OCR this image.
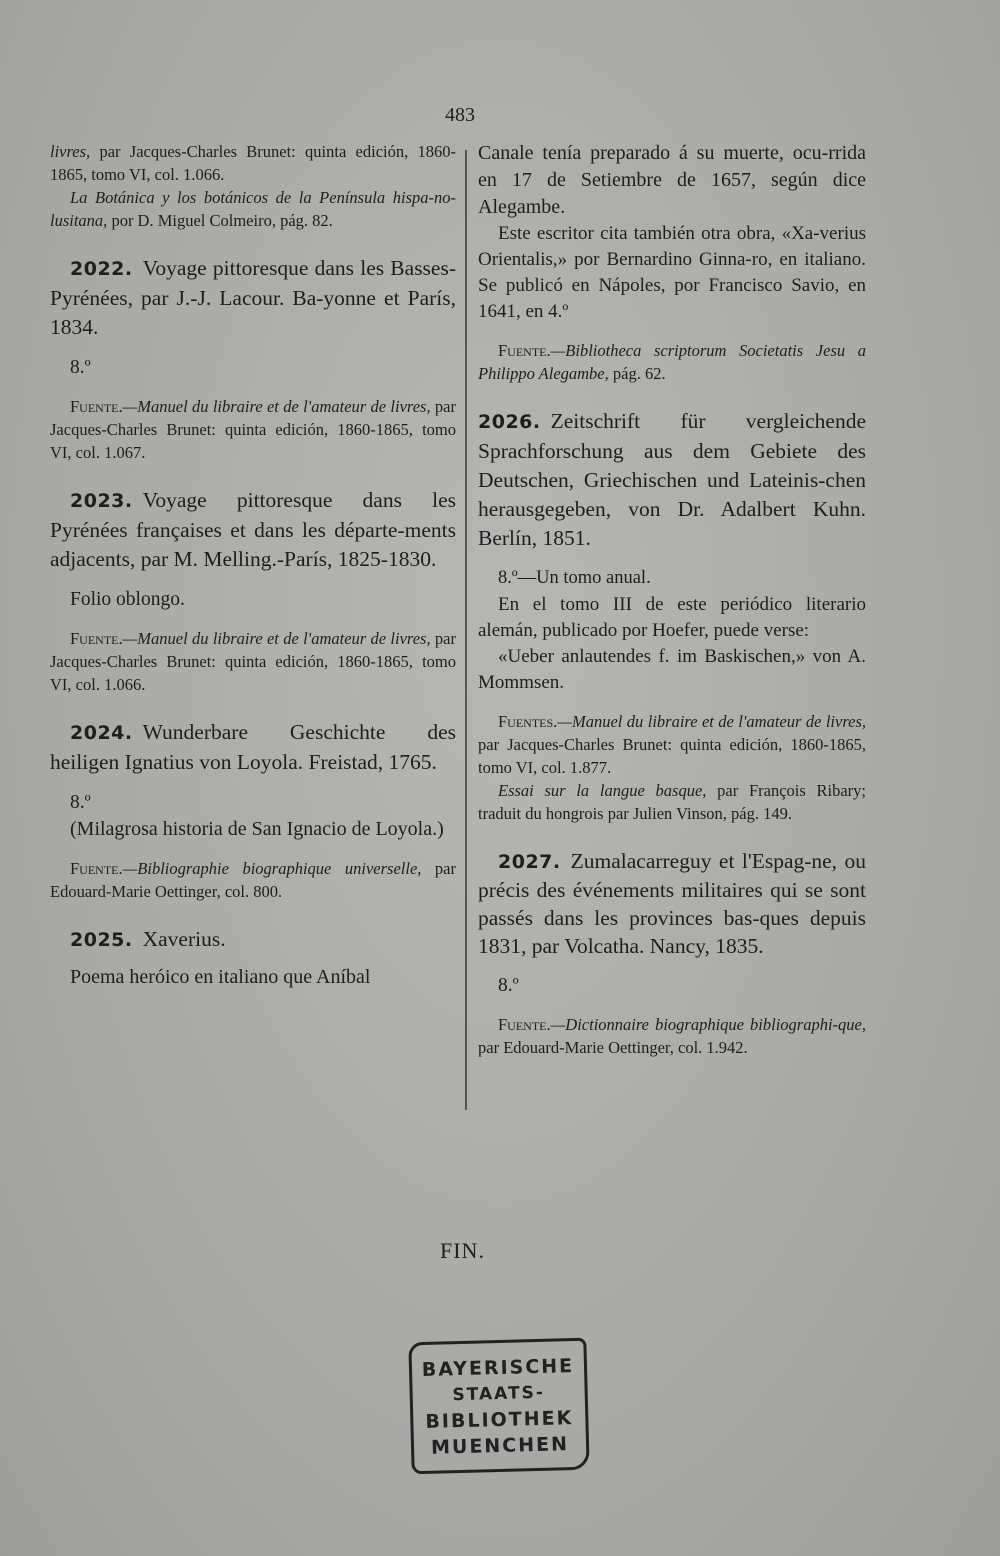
483
livres, par Jacques-Charles Brunet: quinta edición, 1860-1865, tomo VI, col. 1.066.
La Botánica y los botánicos de la Península hispa-no-lusitana, por D. Miguel Colmeiro, pág. 82.
2022. Voyage pittoresque dans les Basses-Pyrénées, par J.-J. Lacour. Ba-yonne et París, 1834.
8.º
Fuente.—Manuel du libraire et de l'amateur de livres, par Jacques-Charles Brunet: quinta edición, 1860-1865, tomo VI, col. 1.067.
2023. Voyage pittoresque dans les Pyrénées françaises et dans les départe-ments adjacents, par M. Melling.-París, 1825-1830.
Folio oblongo.
Fuente.—Manuel du libraire et de l'amateur de livres, par Jacques-Charles Brunet: quinta edición, 1860-1865, tomo VI, col. 1.066.
2024. Wunderbare Geschichte des heiligen Ignatius von Loyola. Freistad, 1765.
8.º
(Milagrosa historia de San Ignacio de Loyola.)
Fuente.—Bibliographie biographique universelle, par Edouard-Marie Oettinger, col. 800.
2025. Xaverius.
Poema heróico en italiano que Aníbal
Canale tenía preparado á su muerte, ocu-rrida en 17 de Setiembre de 1657, según dice Alegambe.
Este escritor cita también otra obra, «Xa-verius Orientalis,» por Bernardino Ginna-ro, en italiano. Se publicó en Nápoles, por Francisco Savio, en 1641, en 4.º
Fuente.—Bibliotheca scriptorum Societatis Jesu a Philippo Alegambe, pág. 62.
2026. Zeitschrift für vergleichende Sprachforschung aus dem Gebiete des Deutschen, Griechischen und Lateinis-chen herausgegeben, von Dr. Adalbert Kuhn. Berlín, 1851.
8.º—Un tomo anual.
En el tomo III de este periódico literario alemán, publicado por Hoefer, puede verse:
«Ueber anlautendes f. im Baskischen,» von A. Mommsen.
Fuentes.—Manuel du libraire et de l'amateur de livres, par Jacques-Charles Brunet: quinta edición, 1860-1865, tomo VI, col. 1.877.
Essai sur la langue basque, par François Ribary; traduit du hongrois par Julien Vinson, pág. 149.
2027. Zumalacarreguy et l'Espag-ne, ou précis des événements militaires qui se sont passés dans les provinces bas-ques depuis 1831, par Volcatha. Nancy, 1835.
8.º
Fuente.—Dictionnaire biographique bibliographi-que, par Edouard-Marie Oettinger, col. 1.942.
FIN.
BAYERISCHE
STAATS-
BIBLIOTHEK
MUENCHEN
